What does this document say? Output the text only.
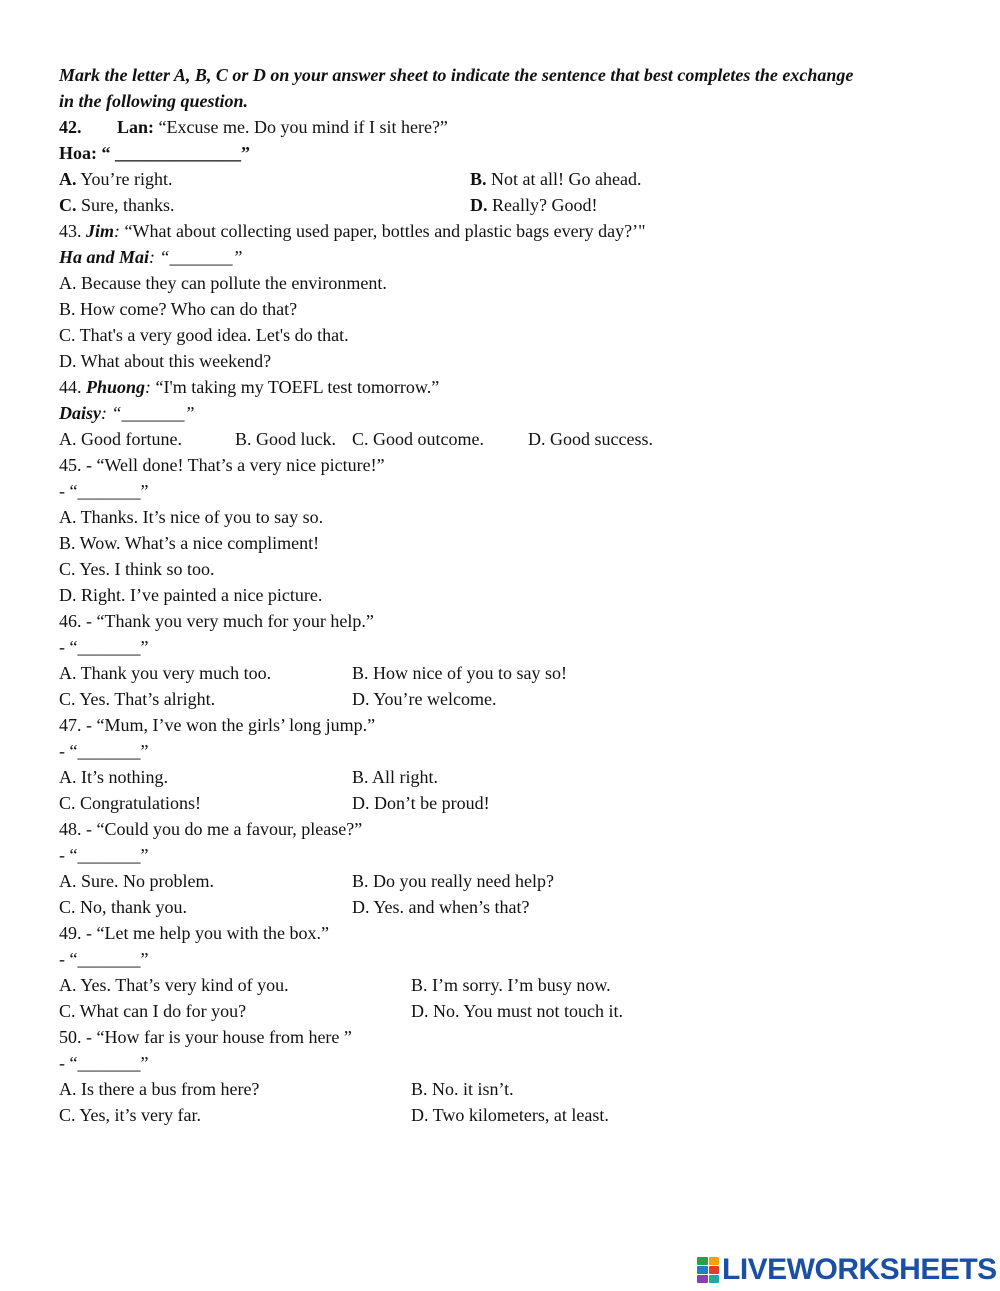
Mark the letter A, B, C or D on your answer sheet to indicate the sentence that best completes the exchange
in the following question.
42. Lan: “Excuse me. Do you mind if I sit here?”
Hoa: “ ______________”
A. You’re right.	B. Not at all! Go ahead.
C. Sure, thanks.	D. Really? Good!
43. Jim: “What about collecting used paper, bottles and plastic bags every day?’"
Ha and Mai: “_______”
A. Because they can pollute the environment.
B. How come? Who can do that?
C. That's a very good idea. Let's do that.
D. What about this weekend?
44. Phuong: “I'm taking my TOEFL test tomorrow.”
Daisy: “_______”
A. Good fortune.	B. Good luck. C. Good outcome. D. Good success.
45. - “Well done! That’s a very nice picture!”
- “_______”
A. Thanks. It’s nice of you to say so.
B. Wow. What’s a nice compliment!
C. Yes. I think so too.
D. Right. I’ve painted a nice picture.
46. - “Thank you very much for your help.”
- “_______”
A. Thank you very much too.	B. How nice of you to say so!
C. Yes. That’s alright.	D. You’re welcome.
47. - “Mum, I’ve won the girls’ long jump.”
- “_______”
A. It’s nothing.	B. All right.
C. Congratulations!	D. Don’t be proud!
48. - “Could you do me a favour, please?”
- “_______”
A. Sure. No problem.	B. Do you really need help?
C. No, thank you.	D. Yes. and when’s that?
49. - “Let me help you with the box.”
- “_______”
A. Yes. That’s very kind of you.	B. I’m sorry. I’m busy now.
C. What can I do for you?	D. No. You must not touch it.
50. - “How far is your house from here ”
- “_______”
A. Is there a bus from here?	B. No. it isn’t.
C. Yes, it’s very far.	D. Two kilometers, at least.
LIVEWORKSHEETS
